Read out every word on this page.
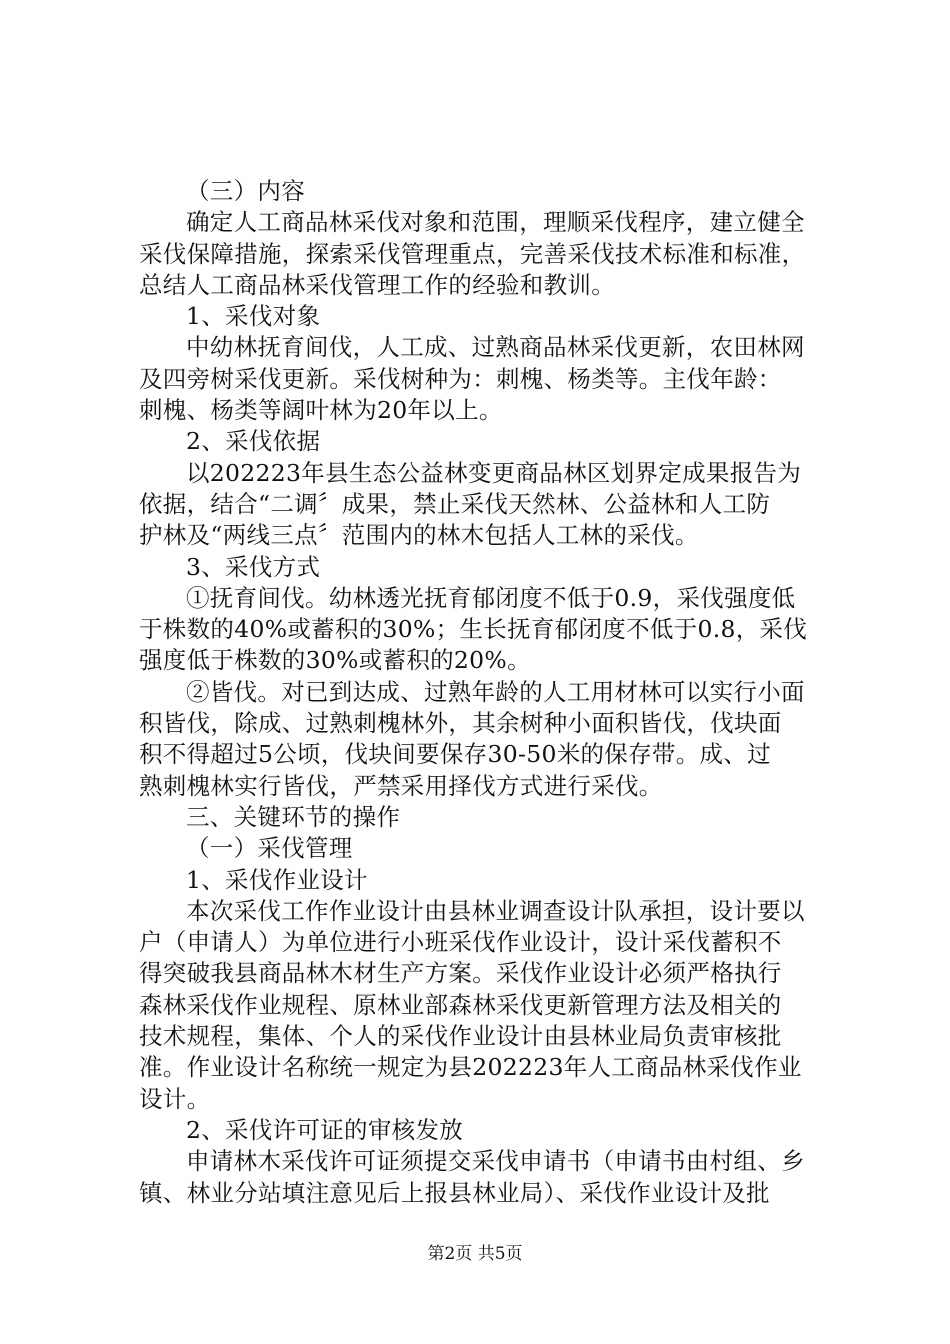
（三）内容

确定人工商品林采伐对象和范围，理顺采伐程序，建立健全
采伐保障措施，探索采伐管理重点，完善采伐技术标准和标准，
总结人工商品林采伐管理工作的经验和教训。

1、采伐对象

中幼林抚育间伐，人工成、过熟商品林采伐更新，农田林网
及四旁树采伐更新。采伐树种为：刺槐、杨类等。主伐年龄：
刺槐、杨类等阔叶林为20年以上。

2、采伐依据

以202223年县生态公益林变更商品林区划界定成果报告为
依据，结合“二调〞成果，禁止采伐天然林、公益林和人工防
护林及“两线三点〞范围内的林木包括人工林的采伐。

3、采伐方式

①抚育间伐。幼林透光抚育郁闭度不低于0.9，采伐强度低
于株数的40%或蓄积的30%；生长抚育郁闭度不低于0.8，采伐
强度低于株数的30%或蓄积的20%。

②皆伐。对已到达成、过熟年龄的人工用材林可以实行小面
积皆伐，除成、过熟刺槐林外，其余树种小面积皆伐，伐块面
积不得超过5公顷，伐块间要保存30-50米的保存带。成、过
熟刺槐林实行皆伐，严禁采用择伐方式进行采伐。

三、关键环节的操作

（一）采伐管理

1、采伐作业设计

本次采伐工作作业设计由县林业调查设计队承担，设计要以
户（申请人）为单位进行小班采伐作业设计，设计采伐蓄积不
得突破我县商品林木材生产方案。采伐作业设计必须严格执行
森林采伐作业规程、原林业部森林采伐更新管理方法及相关的
技术规程，集体、个人的采伐作业设计由县林业局负责审核批
准。作业设计名称统一规定为县202223年人工商品林采伐作业
设计。

2、采伐许可证的审核发放

申请林木采伐许可证须提交采伐申请书（申请书由村组、乡
镇、林业分站填注意见后上报县林业局）、采伐作业设计及批

第2页 共5页
